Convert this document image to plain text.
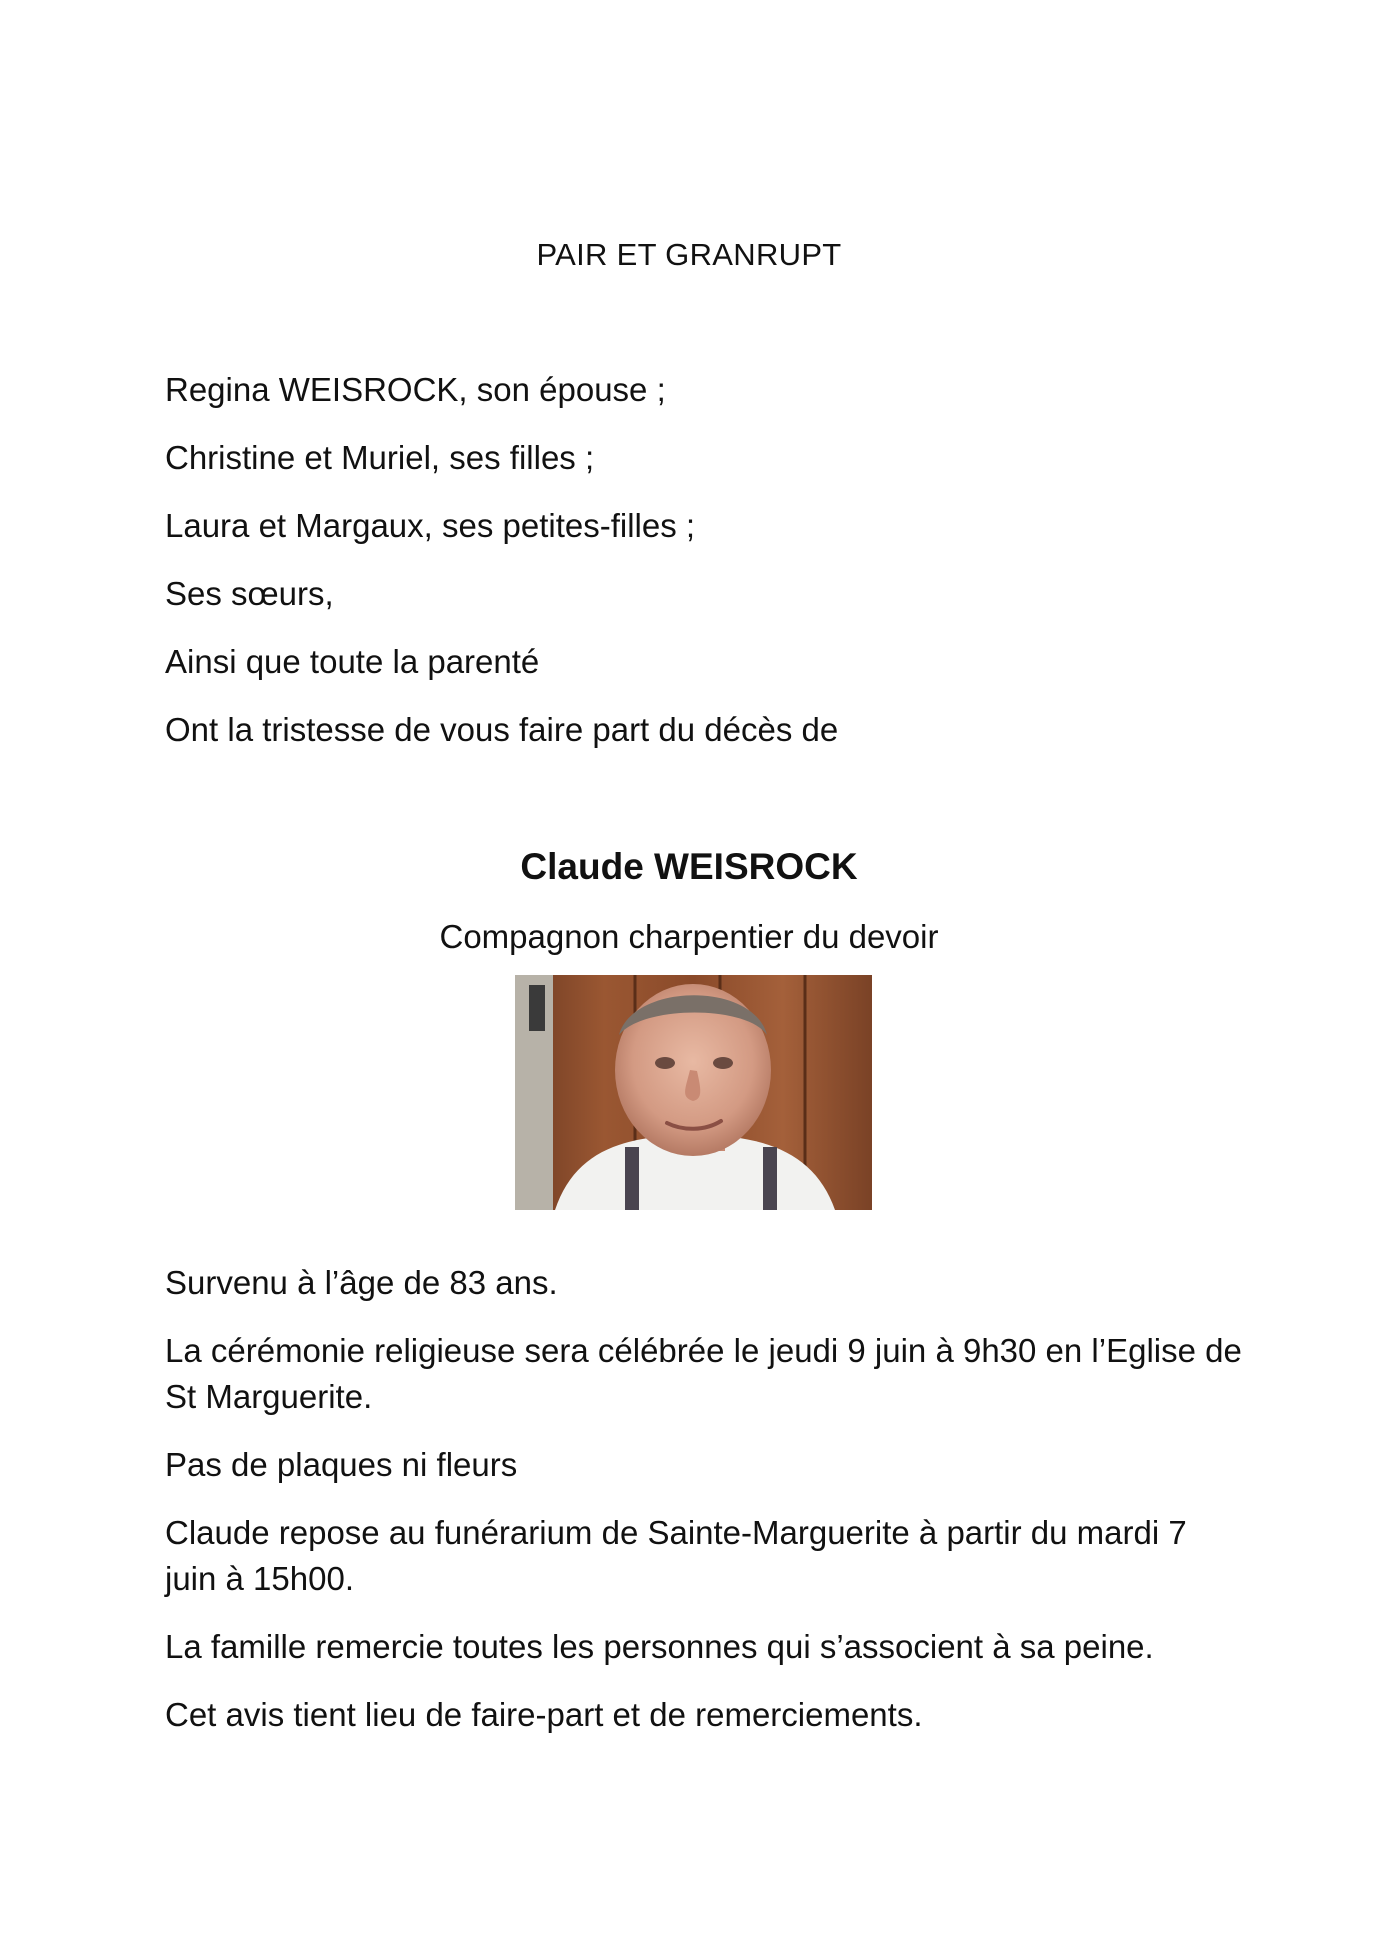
PAIR ET GRANRUPT
Regina WEISROCK, son épouse ;
Christine et Muriel, ses filles ;
Laura et Margaux, ses petites-filles ;
Ses sœurs,
Ainsi que toute la parenté
Ont la tristesse de vous faire part du décès de
Claude WEISROCK
Compagnon charpentier du devoir

Survenu à l’âge de 83 ans.

La cérémonie religieuse sera célébrée le jeudi 9 juin à 9h30 en l’Eglise de St Marguerite.

Pas de plaques ni fleurs

Claude repose au funérarium de Sainte-Marguerite à partir du mardi 7 juin à 15h00.

La famille remercie toutes les personnes qui s’associent à sa peine.

Cet avis tient lieu de faire-part et de remerciements.
